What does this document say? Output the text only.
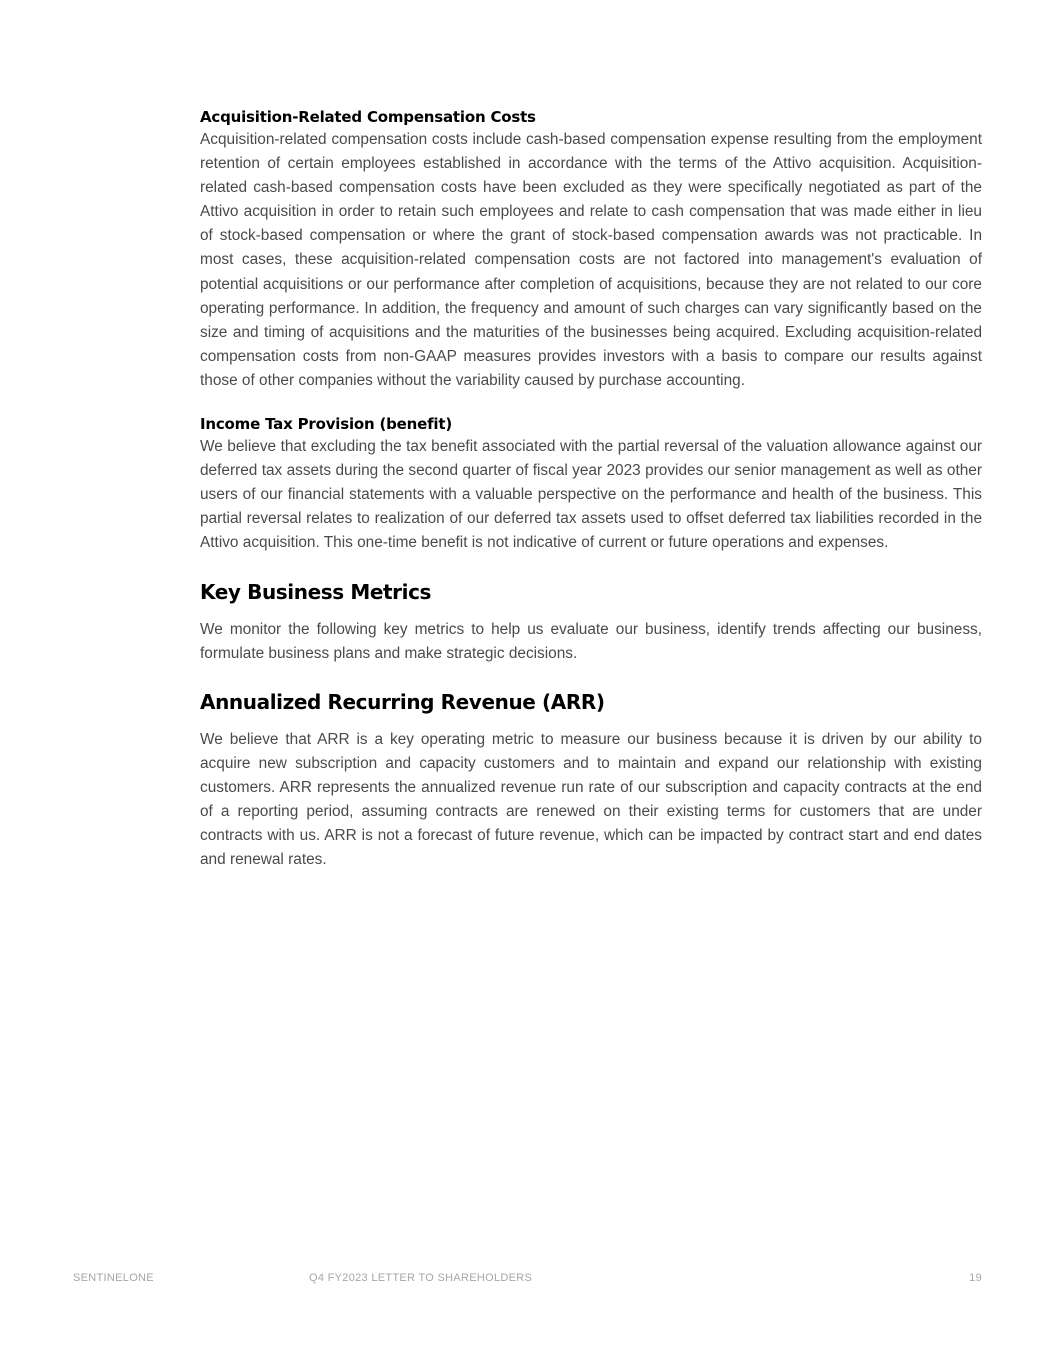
Acquisition-Related Compensation Costs

Acquisition-related compensation costs include cash-based compensation expense resulting from the employment retention of certain employees established in accordance with the terms of the Attivo acquisition. Acquisition-related cash-based compensation costs have been excluded as they were specifically negotiated as part of the Attivo acquisition in order to retain such employees and relate to cash compensation that was made either in lieu of stock-based compensation or where the grant of stock-based compensation awards was not practicable. In most cases, these acquisition-related compensation costs are not factored into management's evaluation of potential acquisitions or our performance after completion of acquisitions, because they are not related to our core operating performance. In addition, the frequency and amount of such charges can vary significantly based on the size and timing of acquisitions and the maturities of the businesses being acquired. Excluding acquisition-related compensation costs from non-GAAP measures provides investors with a basis to compare our results against those of other companies without the variability caused by purchase accounting.

Income Tax Provision (benefit)

We believe that excluding the tax benefit associated with the partial reversal of the valuation allowance against our deferred tax assets during the second quarter of fiscal year 2023 provides our senior management as well as other users of our financial statements with a valuable perspective on the performance and health of the business. This partial reversal relates to realization of our deferred tax assets used to offset deferred tax liabilities recorded in the Attivo acquisition. This one-time benefit is not indicative of current or future operations and expenses.

Key Business Metrics

We monitor the following key metrics to help us evaluate our business, identify trends affecting our business, formulate business plans and make strategic decisions.

Annualized Recurring Revenue (ARR)

We believe that ARR is a key operating metric to measure our business because it is driven by our ability to acquire new subscription and capacity customers and to maintain and expand our relationship with existing customers. ARR represents the annualized revenue run rate of our subscription and capacity contracts at the end of a reporting period, assuming contracts are renewed on their existing terms for customers that are under contracts with us. ARR is not a forecast of future revenue, which can be impacted by contract start and end dates and renewal rates.

SENTINELONE	Q4 FY2023 LETTER TO SHAREHOLDERS	19
